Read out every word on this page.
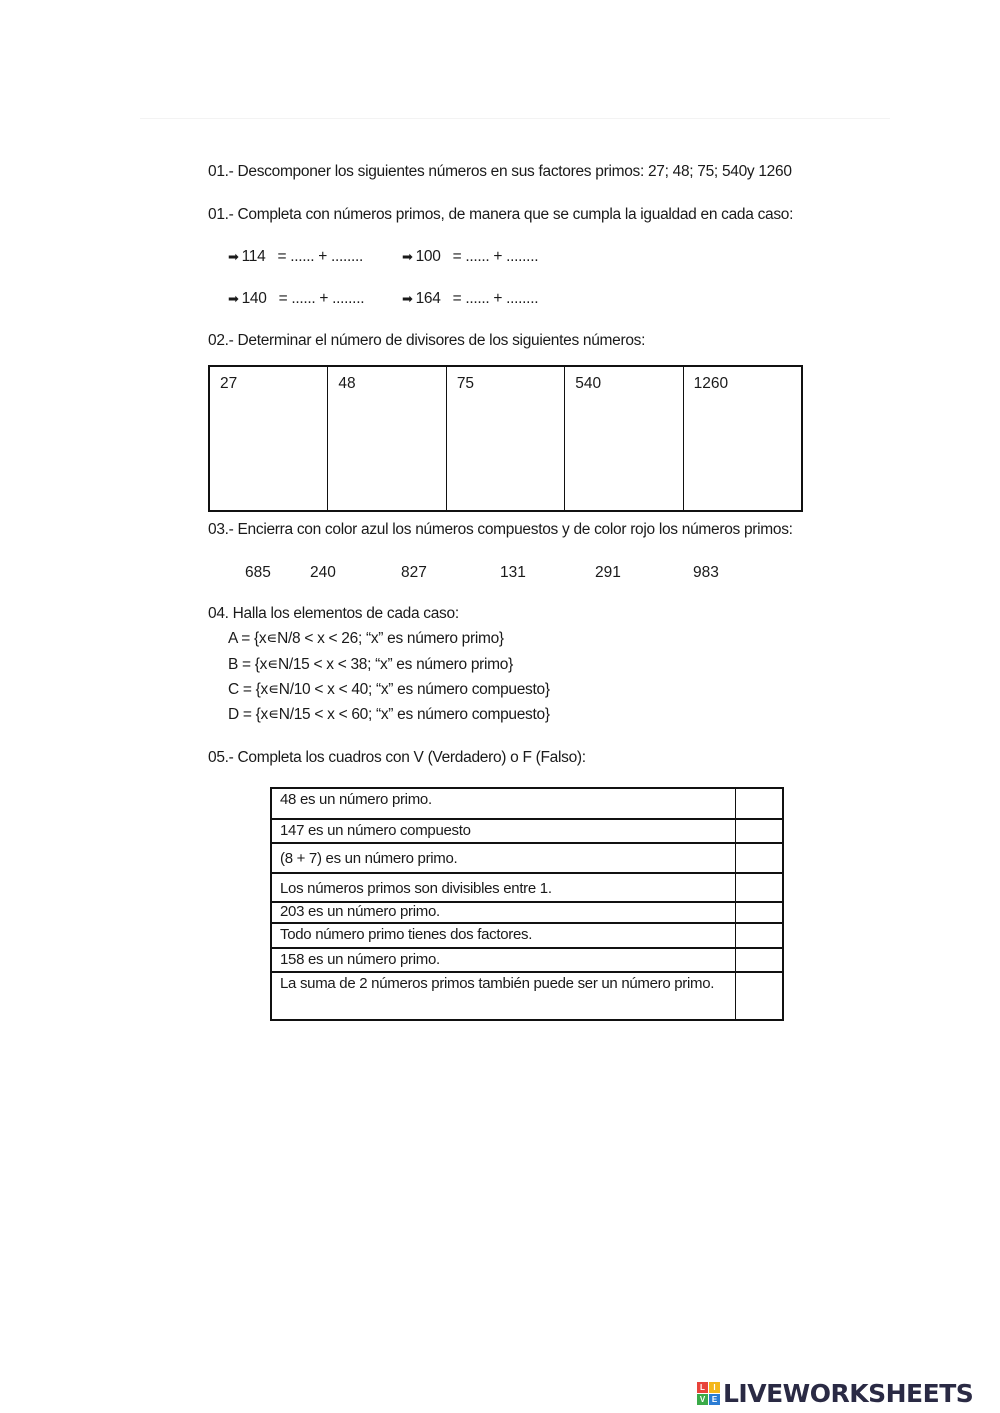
01.- Descomponer los siguientes números en sus factores primos: 27; 48; 75; 540y 1260
01.- Completa con números primos, de manera que se cumpla la igualdad en cada caso:
➡ 114 = ...... + ........	➡ 100 = ...... + ........
➡ 140 = ...... + ........	➡ 164 = ...... + ........
02.- Determinar el número de divisores de los siguientes números:
27	48	75	540	1260
03.- Encierra con color azul los números compuestos y de color rojo los números primos:
685	240	827	131	291	983
04. Halla los elementos de cada caso:
A = {x∊N/8 < x < 26; “x” es número primo}
B = {x∊N/15 < x < 38; “x” es número primo}
C = {x∊N/10 < x < 40; “x” es número compuesto}
D = {x∊N/15 < x < 60; “x” es número compuesto}
05.- Completa los cuadros con V (Verdadero) o F (Falso):
48 es un número primo.
147 es un número compuesto
(8 + 7) es un número primo.
Los números primos son divisibles entre 1.
203 es un número primo.
Todo número primo tienes dos factores.
158 es un número primo.
La suma de 2 números primos también puede ser un número primo.
L	I
V E LIVEWORKSHEETS
